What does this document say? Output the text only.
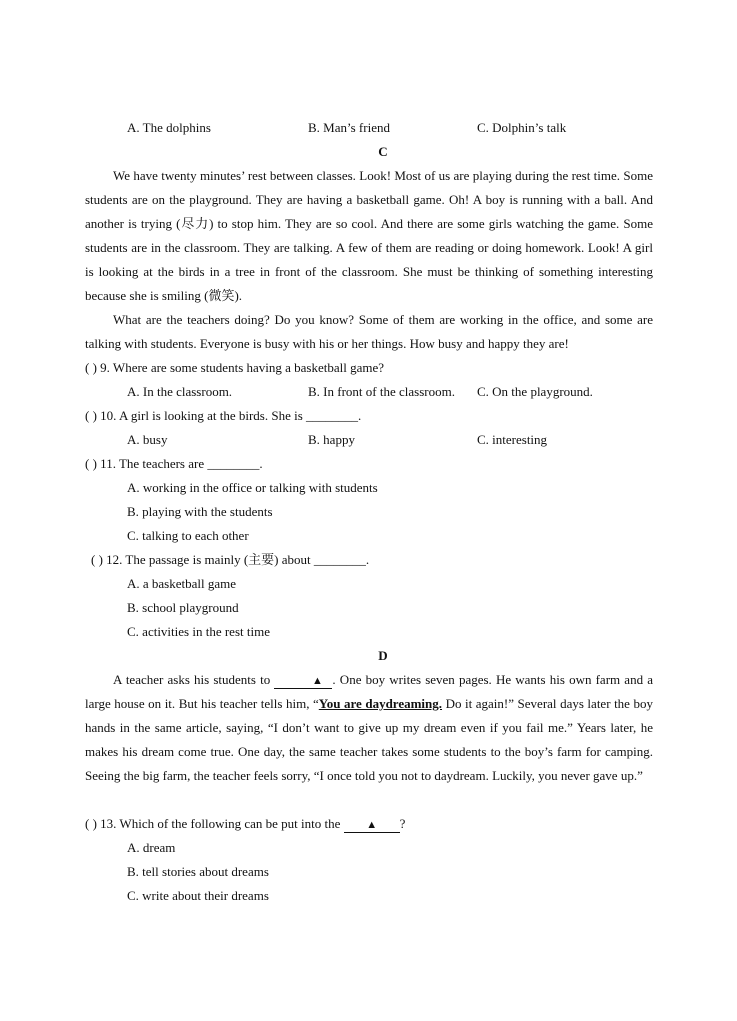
A. The dolphins	B. Man’s friend	C. Dolphin’s talk
C

We have twenty minutes’ rest between classes. Look! Most of us are playing during the rest time. Some students are on the playground. They are having a basketball game. Oh! A boy is running with a ball. And another is trying (尽力) to stop him. They are so cool. And there are some girls watching the game. Some students are in the classroom. They are talking. A few of them are reading or doing homework. Look! A girl is looking at the birds in a tree in front of the classroom. She must be thinking of something interesting because she is smiling (微笑).

What are the teachers doing? Do you know? Some of them are working in the office, and some are talking with students. Everyone is busy with his or her things. How busy and happy they are!

( ) 9. Where are some students having a basketball game?
A. In the classroom.	B. In front of the classroom. C. On the playground.
( ) 10. A girl is looking at the birds. She is ________.
A. busy	B. happy	C. interesting
( ) 11. The teachers are ________.
A. working in the office or talking with students
B. playing with the students
C. talking to each other
( ) 12. The passage is mainly (主要) about ________.
A. a basketball game
B. school playground
C. activities in the rest time
D

A teacher asks his students to	▲ . One boy writes seven pages. He wants his own farm and a large house on it. But his teacher tells him, “You are daydreaming. Do it again!” Several days later the boy hands in the same article, saying, “I don’t want to give up my dream even if you fail me.” Years later, he makes his dream come true. One day, the same teacher takes some students to the boy’s farm for camping. Seeing the big farm, the teacher feels sorry, “I once told you not to daydream. Luckily, you never gave up.”

( ) 13. Which of the following can be put into the ▲ ?
A. dream
B. tell stories about dreams
C. write about their dreams
